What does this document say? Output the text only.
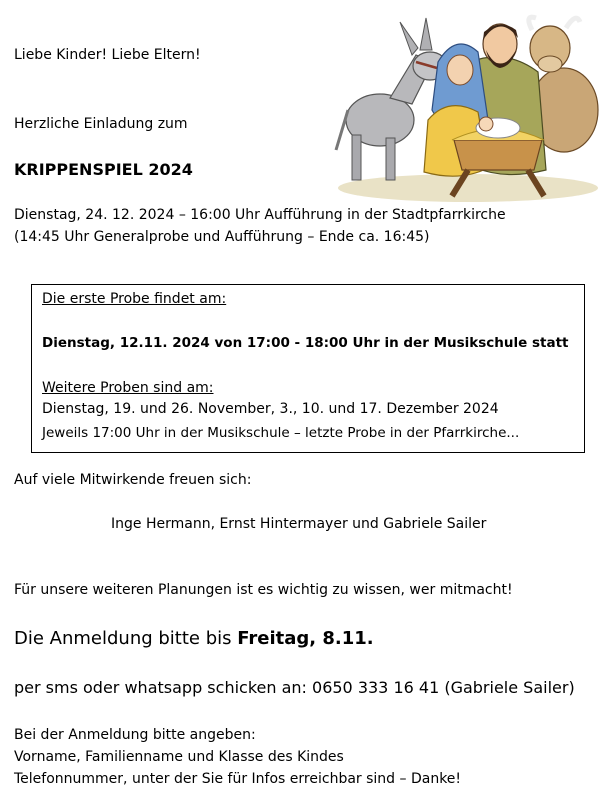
Liebe Kinder! Liebe Eltern!
Herzliche Einladung zum
KRIPPENSPIEL 2024
Dienstag, 24. 12. 2024 – 16:00 Uhr Aufführung in der Stadtpfarrkirche
(14:45 Uhr Generalprobe und Aufführung – Ende ca. 16:45)
Die erste Probe findet am:
Dienstag, 12.11. 2024 von 17:00 - 18:00 Uhr in der Musikschule statt
Weitere Proben sind am:
Dienstag, 19. und 26. November, 3., 10. und 17. Dezember 2024
Jeweils 17:00 Uhr in der Musikschule – letzte Probe in der Pfarrkirche...
Auf viele Mitwirkende freuen sich:
Inge Hermann, Ernst Hintermayer und Gabriele Sailer
Für unsere weiteren Planungen ist es wichtig zu wissen, wer mitmacht!
Die Anmeldung bitte bis Freitag, 8.11.
per sms oder whatsapp schicken an: 0650 333 16 41 (Gabriele Sailer)
Bei der Anmeldung bitte angeben:
Vorname, Familienname und Klasse des Kindes
Telefonnummer, unter der Sie für Infos erreichbar sind – Danke!
